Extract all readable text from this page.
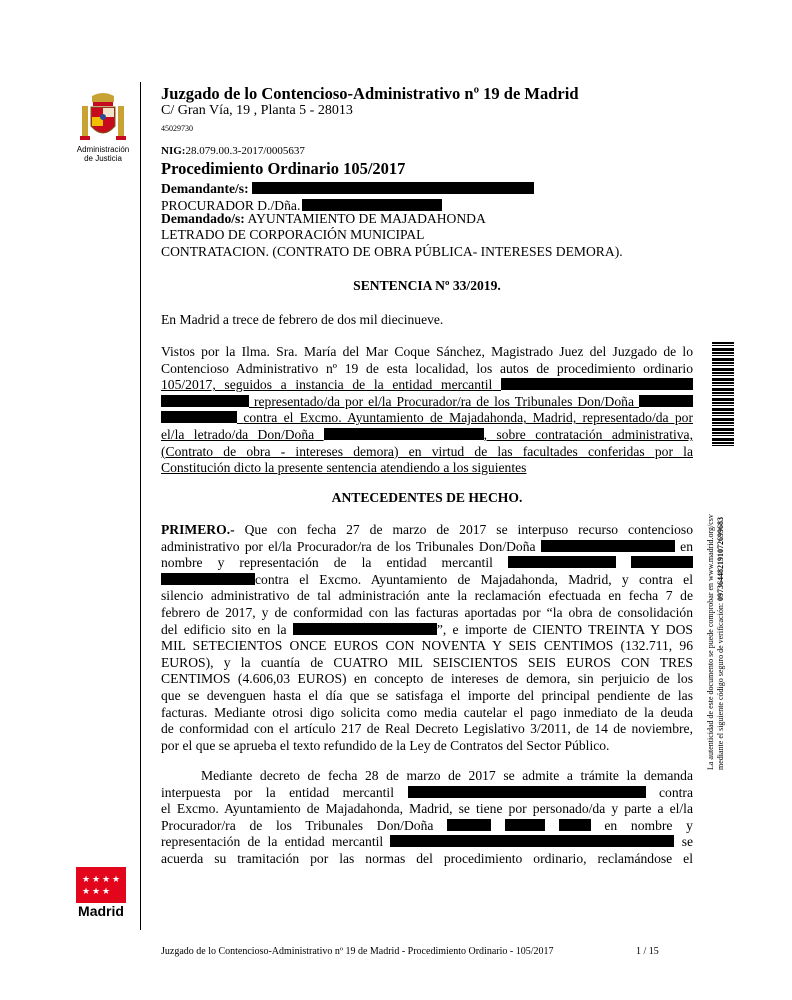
Administración de Justicia
★ ★ ★ ★
★ ★ ★
Madrid
Juzgado de lo Contencioso-Administrativo nº 19 de Madrid
C/ Gran Vía, 19 , Planta 5 - 28013
45029730
NIG:28.079.00.3-2017/0005637
Procedimiento Ordinario 105/2017
Demandante/s:
PROCURADOR D./Dña.
Demandado/s: AYUNTAMIENTO DE MAJADAHONDA
LETRADO DE CORPORACIÓN MUNICIPAL
CONTRATACION. (CONTRATO DE OBRA PÚBLICA- INTERESES DEMORA).
SENTENCIA Nº 33/2019.
En Madrid a trece de febrero de dos mil diecinueve.
Vistos por la Ilma. Sra. María del Mar Coque Sánchez, Magistrado Juez del Juzgado de lo
Contencioso Administrativo nº 19 de esta localidad, los autos de procedimiento ordinario
105/2017, seguidos a instancia de la entidad mercantil
representado/da por el/la Procurador/ra de los Tribunales Don/Doña
contra el Excmo. Ayuntamiento de Majadahonda, Madrid, representado/da por
el/la letrado/da Don/Doña	, sobre contratación administrativa,
(Contrato de obra - intereses demora) en virtud de las facultades conferidas por la
Constitución dicto la presente sentencia atendiendo a los siguientes
ANTECEDENTES DE HECHO.
PRIMERO.- Que con fecha 27 de marzo de 2017 se interpuso recurso contencioso
administrativo por el/la Procurador/ra de los Tribunales Don/Doña	en
nombre y representación de la entidad mercantil
contra el Excmo. Ayuntamiento de Majadahonda, Madrid, y contra el
silencio administrativo de tal administración ante la reclamación efectuada en fecha 7 de
febrero de 2017, y de conformidad con las facturas aportadas por “la obra de consolidación
del edificio sito en la	”, e importe de CIENTO TREINTA Y DOS
MIL SETECIENTOS ONCE EUROS CON NOVENTA Y SEIS CENTIMOS (132.711, 96
EUROS), y la cuantía de CUATRO MIL SEISCIENTOS SEIS EUROS CON TRES
CENTIMOS (4.606,03 EUROS) en concepto de intereses de demora, sin perjuicio de los
que se devenguen hasta el día que se satisfaga el importe del principal pendiente de las
facturas. Mediante otrosi digo solicita como media cautelar el pago inmediato de la deuda
de conformidad con el artículo 217 de Real Decreto Legislativo 3/2011, de 14 de noviembre,
por el que se aprueba el texto refundido de la Ley de Contratos del Sector Público.
Mediante decreto de fecha 28 de marzo de 2017 se admite a trámite la demanda
interpuesta por la entidad mercantil	contra
el Excmo. Ayuntamiento de Majadahonda, Madrid, se tiene por personado/da y parte a el/la
Procurador/ra de los Tribunales Don/Doña	en nombre y
representación de la entidad mercantil	se
acuerda su tramitación por las normas del procedimiento ordinario, reclamándose el
La autenticidad de este documento se puede comprobar en www.madrid.org/csv mediante el siguiente código seguro de verificación: 0973644821910726996​83
Juzgado de lo Contencioso-Administrativo nº 19 de Madrid - Procedimiento Ordinario - 105/2017	1 / 15
